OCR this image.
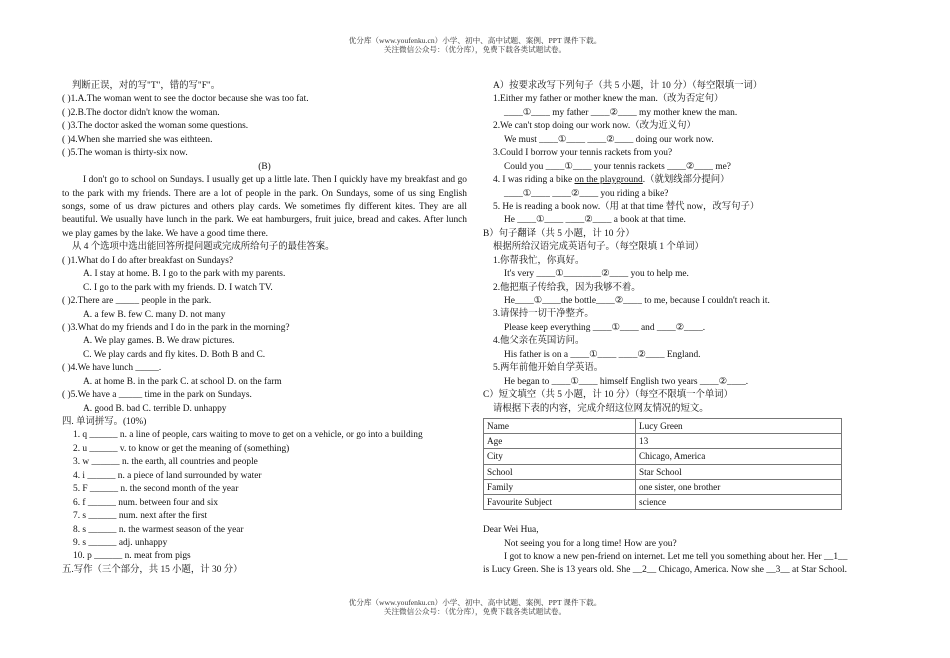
优分库（www.youfenku.cn）小学、初中、高中试题、案例、PPT 课件下载。
关注微信公众号：（优分库），免费下载各类试题试卷。
判断正误，对的写"T"，错的写"F"。
( )1.A.The woman went to see the doctor because she was too fat.
( )2.B.The doctor didn't know the woman.
( )3.The doctor asked the woman some questions.
( )4.When she married she was eithteen.
( )5.The woman is thirty-six now.
(B)
I don't go to school on Sundays. I usually get up a little late. Then I quickly have my breakfast and go to the park with my friends. There are a lot of people in the park. On Sundays, some of us sing English songs, some of us draw pictures and others play cards. We sometimes fly different kites. They are all beautiful. We usually have lunch in the park. We eat hamburgers, fruit juice, bread and cakes. After lunch we play games by the lake. We have a good time there.
从 4 个选项中选出能回答所提问题或完成所给句子的最佳答案。
( )1.What do I do after breakfast on Sundays?
A. I stay at home. B. I go to the park with my parents.
C. I go to the park with my friends. D. I watch TV.
( )2.There are _____ people in the park.
A. a few B. few C. many D. not many
( )3.What do my friends and I do in the park in the morning?
A. We play games. B. We draw pictures.
C. We play cards and fly kites. D. Both B and C.
( )4.We have lunch _____.
A. at home B. in the park C. at school D. on the farm
( )5.We have a _____ time in the park on Sundays.
A. good B. bad C. terrible D. unhappy
四. 单词拼写。(10%)
1. q ______ n. a line of people, cars waiting to move to get on a vehicle, or go into a building
2. u ______ v. to know or get the meaning of (something)
3. w ______ n. the earth, all countries and people
4. i ______ n. a piece of land surrounded by water
5. F ______ n. the second month of the year
6. f ______ num. between four and six
7. s ______ num. next after the first
8. s ______ n. the warmest season of the year
9. s ______ adj. unhappy
10. p ______ n. meat from pigs
五.写作（三个部分，共 15 小题，计 30 分）
A）按要求改写下列句子（共 5 小题，计 10 分）（每空限填一词）
1.Either my father or mother knew the man.（改为否定句）
____①____ my father ____②____ my mother knew the man.
2.We can't stop doing our work now.（改为近义句）
We must ____①____ ____②____ doing our work now.
3.Could I borrow your tennis rackets from you?
Could you ____①____ your tennis rackets ____②____ me?
4. I was riding a bike on the playground.（就划线部分提问）
____①____ ____②____ you riding a bike?
5. He is reading a book now.（用 at that time 替代 now，改写句子）
He ____①____ ____②____ a book at that time.
B）句子翻译（共 5 小题，计 10 分）
根据所给汉语完成英语句子。（每空限填 1 个单词）
1.你帮我忙，你真好。
It's very ____①________②____ you to help me.
2.他把瓶子传给我，因为我够不着。
He____①____the bottle____②____ to me, because I couldn't reach it.
3.请保持一切干净整齐。
Please keep everything ____①____ and ____②____.
4.他父亲在英国访问。
His father is on a ____①____ ____②____ England.
5.两年前他开始自学英语。
He began to ____①____ himself English two years ____②____.
C）短文填空（共 5 小题，计 10 分）（每空不限填一个单词）
请根据下表的内容，完成介绍这位网友情况的短文。
Name	Lucy Green
Age	13
City	Chicago, America
School	Star School
Family	one sister, one brother
Favourite Subject	science
Dear Wei Hua,
Not seeing you for a long time! How are you?
I got to know a new pen-friend on internet. Let me tell you something about her. Her __1__
is Lucy Green. She is 13 years old. She __2__ Chicago, America. Now she __3__ at Star School.
优分库（www.youfenku.cn）小学、初中、高中试题、案例、PPT 课件下载。
关注微信公众号：（优分库），免费下载各类试题试卷。
